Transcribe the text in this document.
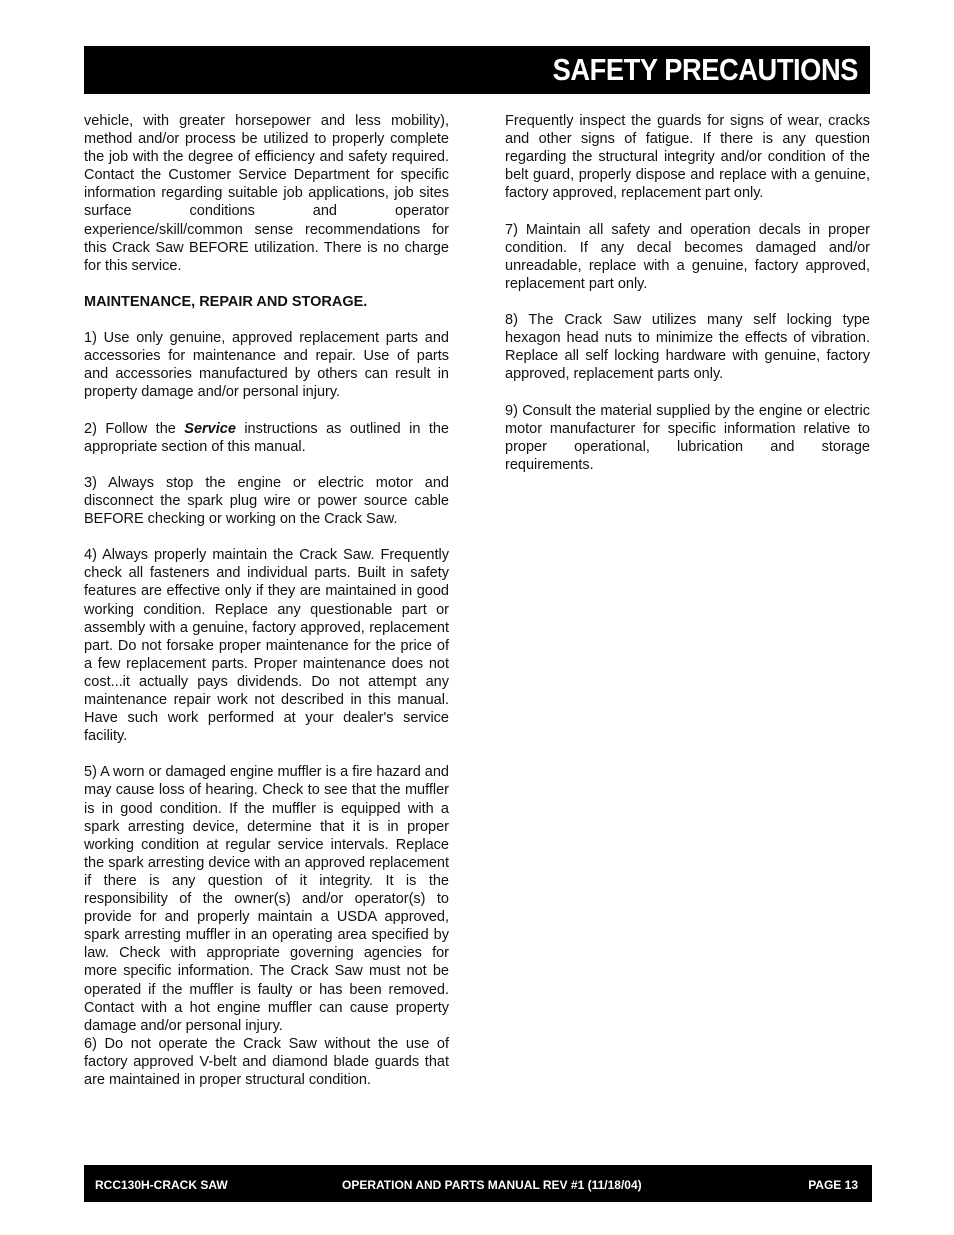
SAFETY PRECAUTIONS

vehicle, with greater horsepower and less mobility), method and/or process be utilized to properly complete the job with the degree of efficiency and safety required. Contact the Customer Service Department for specific information regarding suitable job applications, job sites surface conditions and operator experience/skill/common sense recommendations for this Crack Saw BEFORE utilization. There is no charge for this service.

MAINTENANCE, REPAIR AND STORAGE.

1) Use only genuine, approved replacement parts and accessories for maintenance and repair. Use of parts and accessories manufactured by others can result in property damage and/or personal injury.

2) Follow the Service instructions as outlined in the appropriate section of this manual.

3) Always stop the engine or electric motor and disconnect the spark plug wire or power source cable BEFORE checking or working on the Crack Saw.

4) Always properly maintain the Crack Saw. Frequently check all fasteners and individual parts. Built in safety features are effective only if they are maintained in good working condition. Replace any questionable part or assembly with a genuine, factory approved, replacement part. Do not forsake proper maintenance for the price of a few replacement parts. Proper maintenance does not cost...it actually pays dividends. Do not attempt any maintenance repair work not described in this manual. Have such work performed at your dealer's service facility.

5) A worn or damaged engine muffler is a fire hazard and may cause loss of hearing. Check to see that the muffler is in good condition. If the muffler is equipped with a spark arresting device, determine that it is in proper working condition at regular service intervals. Replace the spark arresting device with an approved replacement if there is any question of it integrity. It is the responsibility of the owner(s) and/or operator(s) to provide for and properly maintain a USDA approved, spark arresting muffler in an operating area specified by law. Check with appropriate governing agencies for more specific information. The Crack Saw must not be operated if the muffler is faulty or has been removed. Contact with a hot engine muffler can cause property damage and/or personal injury.

6) Do not operate the Crack Saw without the use of factory approved V-belt and diamond blade guards that are maintained in proper structural condition.

Frequently inspect the guards for signs of wear, cracks and other signs of fatigue. If there is any question regarding the structural integrity and/or condition of the belt guard, properly dispose and replace with a genuine, factory approved, replacement part only.

7) Maintain all safety and operation decals in proper condition. If any decal becomes damaged and/or unreadable, replace with a genuine, factory approved, replacement part only.

8) The Crack Saw utilizes many self locking type hexagon head nuts to minimize the effects of vibration. Replace all self locking hardware with genuine, factory approved, replacement parts only.

9) Consult the material supplied by the engine or electric motor manufacturer for specific information relative to proper operational, lubrication and storage requirements.

RCC130H-CRACK SAW	OPERATION AND PARTS MANUAL REV #1 (11/18/04)	PAGE 13
